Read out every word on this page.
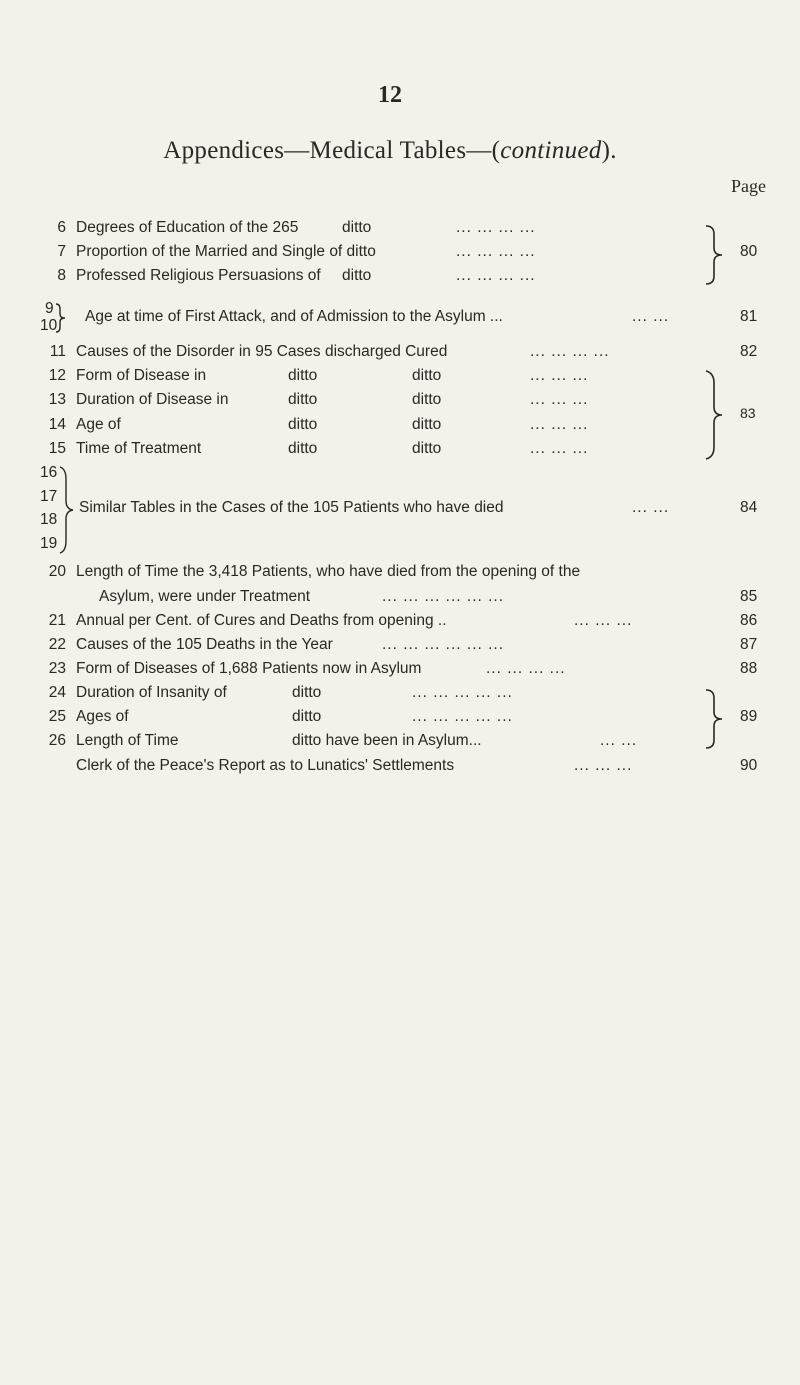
12
Appendices—Medical Tables—(continued).
Page
6 Degrees of Education of the 265	ditto	... ... ... ...
7 Proportion of the Married and Single of ditto	... ... ... ...
8 Professed Religious Persuasions of ditto	... ... ... ...
80
9
10
Age at time of First Attack, and of Admission to the Asylum ...	... ...	81
11 Causes of the Disorder in 95 Cases discharged Cured	... ... ... ...	82
12 Form of Disease in	ditto	ditto	... ... ...
13 Duration of Disease in	ditto	ditto	... ... ...
14 Age of	ditto	ditto	... ... ...
15 Time of Treatment	ditto	ditto	... ... ...
83
16
17
18
19
Similar Tables in the Cases of the 105 Patients who have died	... ...	84
20 Length of Time the 3,418 Patients, who have died from the opening of the
Asylum, were under Treatment	... ... ... ... ... ...	85
21 Annual per Cent. of Cures and Deaths from opening ..	... ... ...	86
22 Causes of the 105 Deaths in the Year	... ... ... ... ... ...	87
23 Form of Diseases of 1,688 Patients now in Asylum	... ... ... ...	88
24 Duration of Insanity of	ditto	... ... ... ... ...
25 Ages of	ditto	... ... ... ... ...
26 Length of Time	ditto have been in Asylum...	... ...
89
Clerk of the Peace's Report as to Lunatics' Settlements	... ... ...	90
